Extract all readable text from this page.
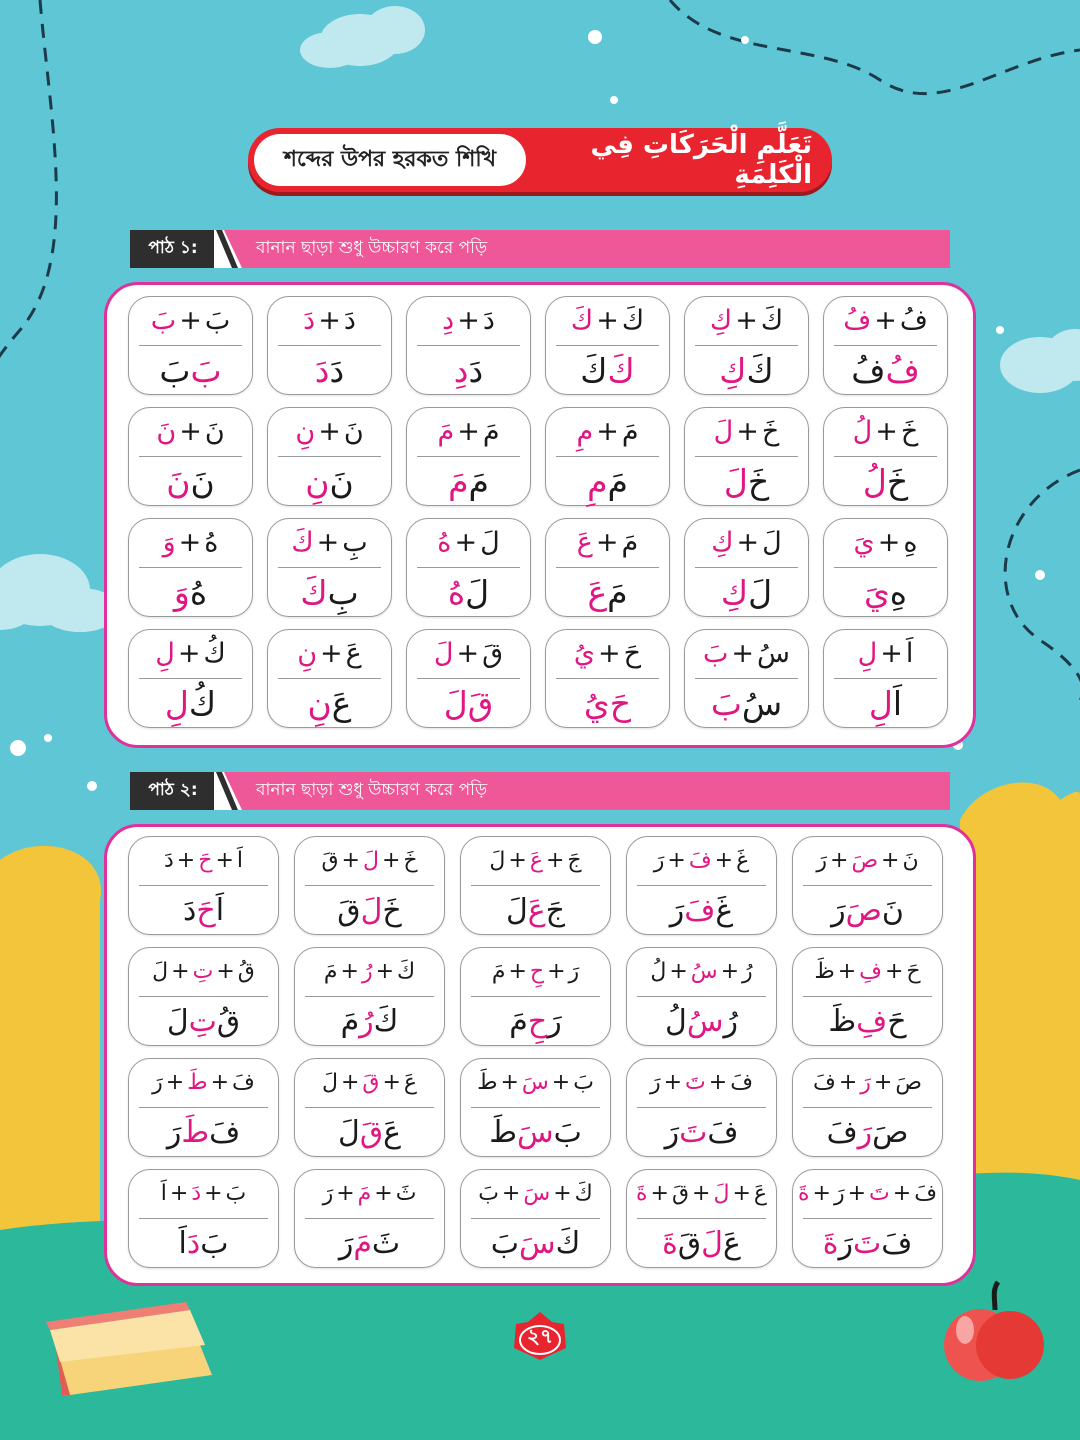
শব্দের উপর হরকত শিখি	تَعَلَّمِ الْحَرَكَاتِ فِي الْكَلِمَةِ
পাঠ ১:	বানান ছাড়া শুধু উচ্চারণ করে পড়ি
بَ
+
بَ
بَ
بَ
دَ
+
دَ
دَ
دَ
دَ
+
دِ
دَ
دِ
كَ
+
كَ
كَ
كَ
كَ
+
كِ
كَ
كِ
فُ
+
فُ
فُ
فُ
نَ
+
نَ
نَ
نَ
نَ
+
نِ
نَ
نِ
مَ
+
مَ
مَ
مَ
مَ
+
مِ
مَ
مِ
خَ
+
لَ
خَ
لَ
خَ
+
لُ
خَ
لُ
هُ
+
وَ
هُ
وَ
بِ
+
كَ
بِ
كَ
لَ
+
هُ
لَ
هُ
مَ
+
عَ
مَ
عَ
لَ
+
كِ
لَ
كِ
هِ
+
يَ
هِ
يَ
كُ
+
لِ
كُ
لِ
عَ
+
نِ
عَ
نِ
قَ
+
لَ
قَ
لَ
حَ
+
يُ
حَ
يُ
سُ
+
بَ
سُ
بَ
اَ
+
لِ
اَ
لِ
পাঠ ২:	বানান ছাড়া শুধু উচ্চারণ করে পড়ি
اَ
+
حَ
+
دَ
اَ
حَ
دَ
خَ
+
لَ
+
قَ
خَ
لَ
قَ
جَ
+
عَ
+
لَ
جَ
عَ
لَ
غَ
+
فَ
+
رَ
غَ
فَ
رَ
نَ
+
صَ
+
رَ
نَ
صَ
رَ
قُ
+
تِ
+
لَ
قُ
تِ
لَ
كَ
+
رُ
+
مَ
كَ
رُ
مَ
رَ
+
حِ
+
مَ
رَ
حِ
مَ
رُ
+
سُ
+
لُ
رُ
سُ
لُ
حَ
+
فِ
+
ظَ
حَ
فِ
ظَ
فَ
+
طَ
+
رَ
فَ
طَ
رَ
عَ
+
قَ
+
لَ
عَ
قَ
لَ
بَ
+
سَ
+
طَ
بَ
سَ
طَ
فَ
+
تَ
+
رَ
فَ
تَ
رَ
صَ
+
رَ
+
فَ
صَ
رَ
فَ
بَ
+
دَ
+
اَ
بَ
دَ
اَ
ثَ
+
مَ
+
رَ
ثَ
مَ
رَ
كَ
+
سَ
+
بَ
كَ
سَ
بَ
عَ
+
لَ
+
قَ
+
ةَ
عَ
لَ
قَ
ةَ
فَ
+
تَ
+
رَ
+
ةَ
فَ
تَ
رَ
ةَ
২৭
